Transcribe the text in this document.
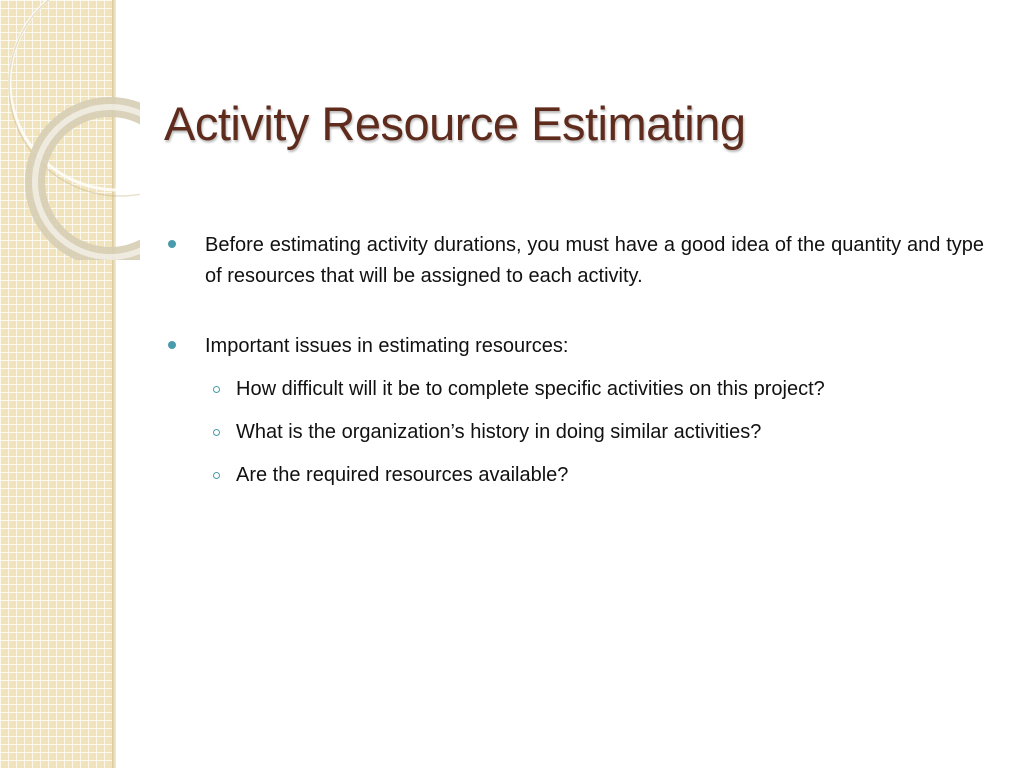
Activity Resource Estimating
Before estimating activity durations, you must have a good idea of the quantity and type of resources that will be assigned to each activity.
Important issues in estimating resources:
How difficult will it be to complete specific activities on this project?
What is the organization’s history in doing similar activities?
Are the required resources available?
